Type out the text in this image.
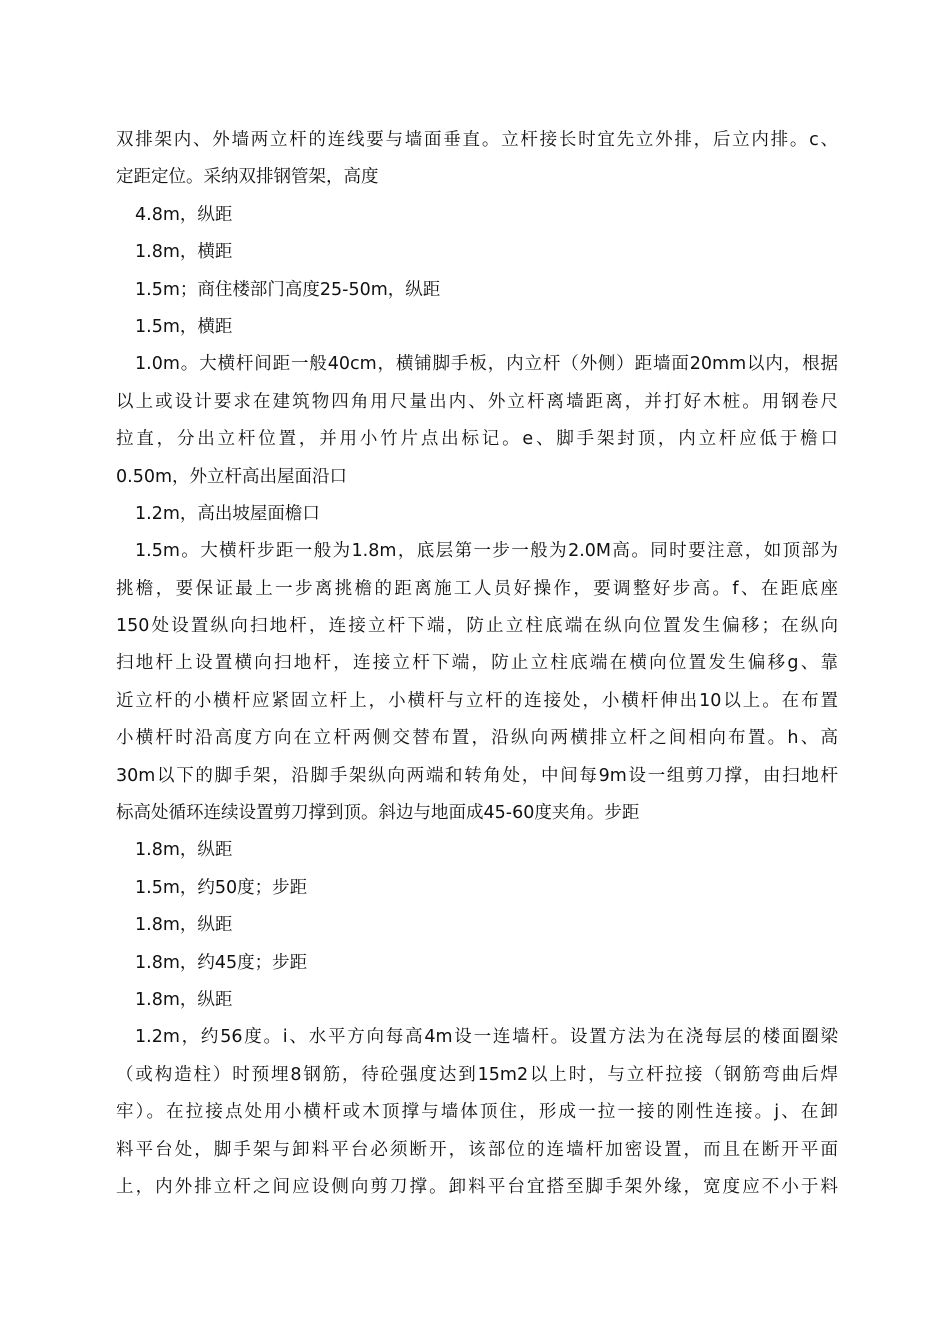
双排架内、外墙两立杆的连线要与墙面垂直。立杆接长时宜先立外排，后立内排。c、
定距定位。采纳双排钢管架，高度
4.8m，纵距
1.8m，横距
1.5m；商住楼部门高度25-50m，纵距
1.5m，横距
1.0m。大横杆间距一般40cm，横铺脚手板，内立杆（外侧）距墙面20mm以内，根据
以上或设计要求在建筑物四角用尺量出内、外立杆离墙距离，并打好木桩。用钢卷尺
拉直，分出立杆位置，并用小竹片点出标记。e、脚手架封顶，内立杆应低于檐口
0.50m，外立杆高出屋面沿口
1.2m，高出坡屋面檐口
1.5m。大横杆步距一般为1.8m，底层第一步一般为2.0M高。同时要注意，如顶部为
挑檐，要保证最上一步离挑檐的距离施工人员好操作，要调整好步高。f、在距底座
150处设置纵向扫地杆，连接立杆下端，防止立柱底端在纵向位置发生偏移；在纵向
扫地杆上设置横向扫地杆，连接立杆下端，防止立柱底端在横向位置发生偏移g、靠
近立杆的小横杆应紧固立杆上，小横杆与立杆的连接处，小横杆伸出10以上。在布置
小横杆时沿高度方向在立杆两侧交替布置，沿纵向两横排立杆之间相向布置。h、高
30m以下的脚手架，沿脚手架纵向两端和转角处，中间每9m设一组剪刀撑，由扫地杆
标高处循环连续设置剪刀撑到顶。斜边与地面成45-60度夹角。步距
1.8m，纵距
1.5m，约50度；步距
1.8m，纵距
1.8m，约45度；步距
1.8m，纵距
1.2m，约56度。i、水平方向每高4m设一连墙杆。设置方法为在浇每层的楼面圈梁
（或构造柱）时预埋8钢筋，待砼强度达到15m2以上时，与立杆拉接（钢筋弯曲后焊
牢）。在拉接点处用小横杆或木顶撑与墙体顶住，形成一拉一接的刚性连接。j、在卸
料平台处，脚手架与卸料平台必须断开，该部位的连墙杆加密设置，而且在断开平面
上，内外排立杆之间应设侧向剪刀撑。卸料平台宜搭至脚手架外缘，宽度应不小于料
